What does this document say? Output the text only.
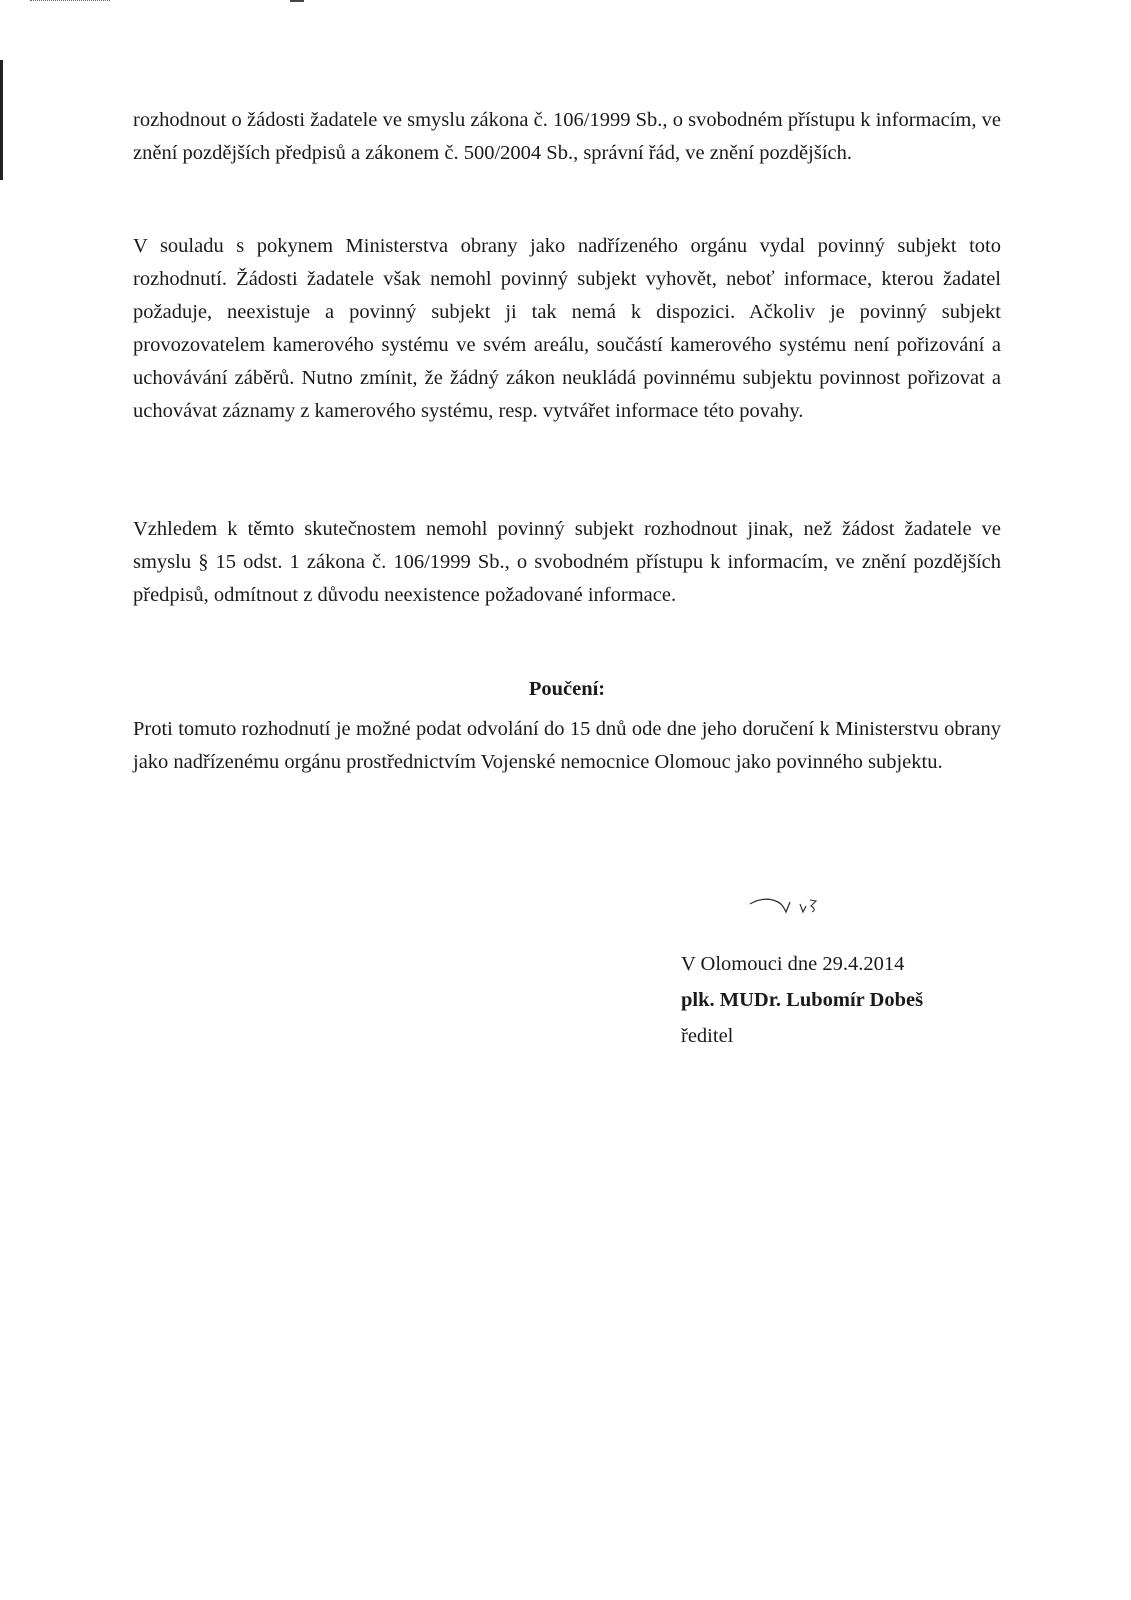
rozhodnout o žádosti žadatele ve smyslu zákona č. 106/1999 Sb., o svobodném přístupu k informacím, ve znění pozdějších předpisů a zákonem č. 500/2004 Sb., správní řád, ve znění pozdějších.

V souladu s pokynem Ministerstva obrany jako nadřízeného orgánu vydal povinný subjekt toto rozhodnutí. Žádosti žadatele však nemohl povinný subjekt vyhovět, neboť informace, kterou žadatel požaduje, neexistuje a povinný subjekt ji tak nemá k dispozici. Ačkoliv je povinný subjekt provozovatelem kamerového systému ve svém areálu, součástí kamerového systému není pořizování a uchovávání záběrů. Nutno zmínit, že žádný zákon neukládá povinnému subjektu povinnost pořizovat a uchovávat záznamy z kamerového systému, resp. vytvářet informace této povahy.

Vzhledem k těmto skutečnostem nemohl povinný subjekt rozhodnout jinak, než žádost žadatele ve smyslu § 15 odst. 1 zákona č. 106/1999 Sb., o svobodném přístupu k informacím, ve znění pozdějších předpisů, odmítnout z důvodu neexistence požadované informace.

Poučení:

Proti tomuto rozhodnutí je možné podat odvolání do 15 dnů ode dne jeho doručení k Ministerstvu obrany jako nadřízenému orgánu prostřednictvím Vojenské nemocnice Olomouc jako povinného subjektu.

V Olomouci dne 29.4.2014
plk. MUDr. Lubomír Dobeš
ředitel
